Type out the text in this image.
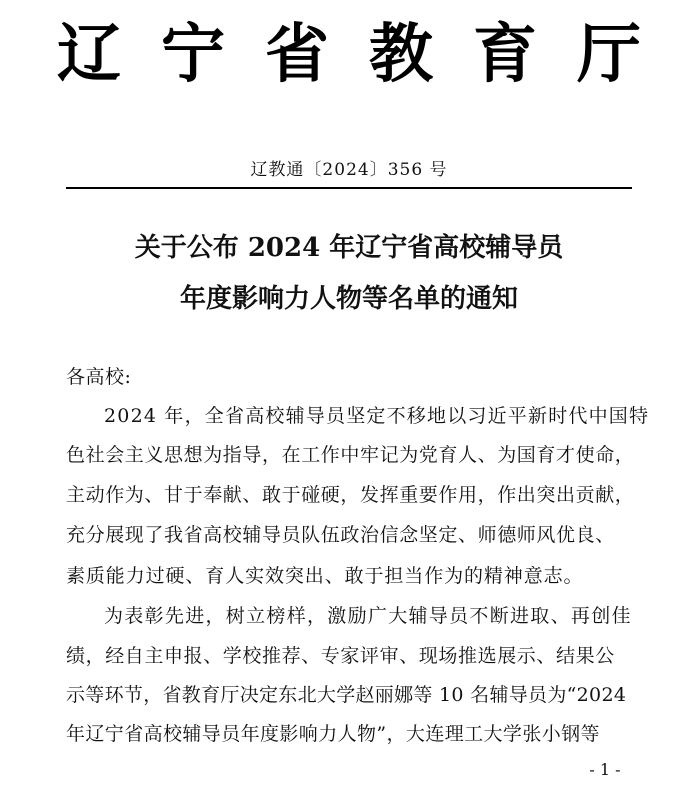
辽宁省教育厅
辽教通〔2024〕356 号
关于公布 2024 年辽宁省高校辅导员
年度影响力人物等名单的通知
各高校:
2024 年，全省高校辅导员坚定不移地以习近平新时代中国特
色社会主义思想为指导，在工作中牢记为党育人、为国育才使命，
主动作为、甘于奉献、敢于碰硬，发挥重要作用，作出突出贡献，
充分展现了我省高校辅导员队伍政治信念坚定、师德师风优良、
素质能力过硬、育人实效突出、敢于担当作为的精神意志。
为表彰先进，树立榜样，激励广大辅导员不断进取、再创佳
绩，经自主申报、学校推荐、专家评审、现场推选展示、结果公
示等环节，省教育厅决定东北大学赵丽娜等 10 名辅导员为“2024
年辽宁省高校辅导员年度影响力人物”，大连理工大学张小钢等
- 1 -
